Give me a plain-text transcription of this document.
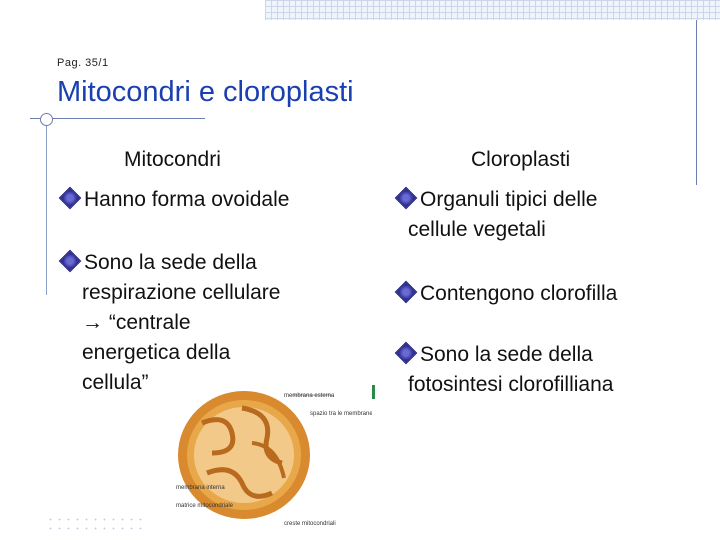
Pag. 35/1
Mitocondri e cloroplasti
Mitocondri
Hanno forma ovoidale
Sono la sede della
respirazione cellulare
→ “centrale
energetica della
cellula”
Cloroplasti
Organuli tipici delle
cellule vegetali
Contengono clorofilla
Sono la sede della
fotosintesi clorofilliana
membrana esterna
spazio tra le membrane
membrana interna
matrice mitocondriale
creste mitocondriali
